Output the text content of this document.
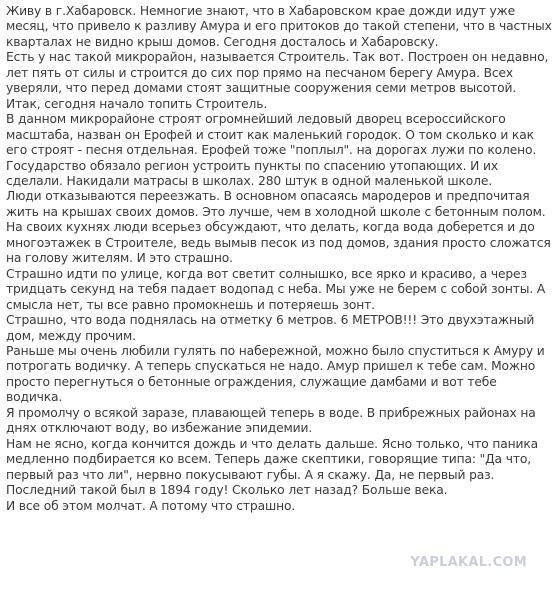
Живу в г.Хабаровск. Немногие знают, что в Хабаровском крае дожди идут уже месяц, что привело к разливу Амура и его притоков до такой степени, что в частных кварталах не видно крыш домов. Сегодня досталось и Хабаровску.

Есть у нас такой микрорайон, называется Строитель. Так вот. Построен он недавно, лет пять от силы и строится до сих пор прямо на песчаном берегу Амура. Всех уверяли, что перед домами стоят защитные сооружения семи метров высотой. Итак, сегодня начало топить Строитель.

В данном микрорайоне строят огромнейший ледовый дворец всероссийского масштаба, назван он Ерофей и стоит как маленький городок. О том сколько и как его строят - песня отдельная. Ерофей тоже "поплыл". на дорогах лужи по колено.

Государство обязало регион устроить пункты по спасению утопающих. И их сделали. Накидали матрасы в школах. 280 штук в одной маленькой школе.

Люди отказываются переезжать. В основном опасаясь мародеров и предпочитая жить на крышах своих домов. Это лучше, чем в холодной школе с бетонным полом.

На своих кухнях люди всерьез обсуждают, что делать, когда вода доберется и до многоэтажек в Строителе, ведь вымыв песок из под домов, здания просто сложатся на голову жителям. И это страшно.

Страшно идти по улице, когда вот светит солнышко, все ярко и красиво, а через тридцать секунд на тебя падает водопад с неба. Мы уже не берем с собой зонты. А смысла нет, ты все равно промокнешь и потеряешь зонт.

Страшно, что вода поднялась на отметку 6 метров. 6 МЕТРОВ!!! Это двухэтажный дом, между прочим.

Раньше мы очень любили гулять по набережной, можно было спуститься к Амуру и потрогать водичку. А теперь спускаться не надо. Амур пришел к тебе сам. Можно просто перегнуться о бетонные ограждения, служащие дамбами и вот тебе водичка.

Я промолчу о всякой заразе, плавающей теперь в воде. В прибрежных районах на днях отключают воду, во избежание эпидемии.

Нам не ясно, когда кончится дождь и что делать дальше. Ясно только, что паника медленно подбирается ко всем. Теперь даже скептики, говорящие типа: "Да что, первый раз что ли", нервно покусывают губы. А я скажу. Да, не первый раз. Последний такой был в 1894 году! Сколько лет назад? Больше века.

И все об этом молчат. А потому что страшно.

YAPLAKAL.COM
